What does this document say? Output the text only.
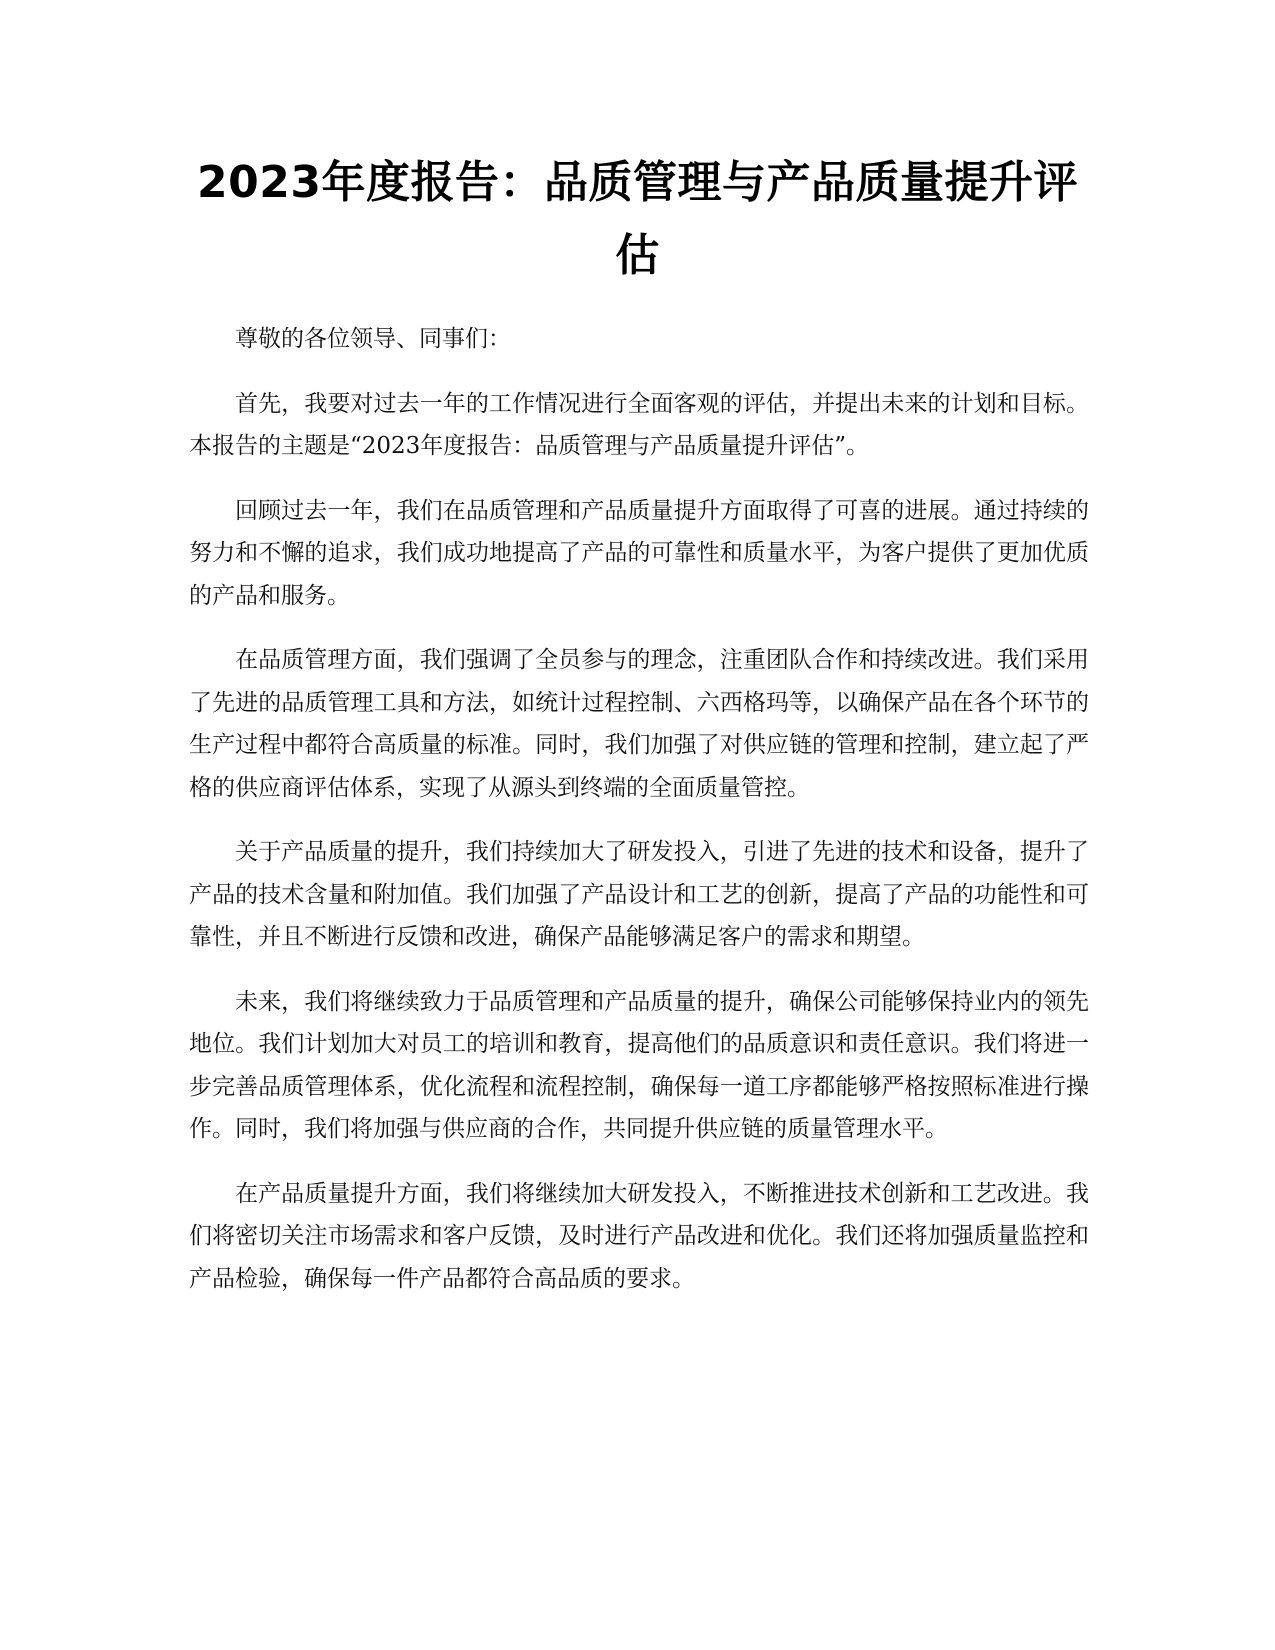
2023年度报告：品质管理与产品质量提升评估

尊敬的各位领导、同事们：

首先，我要对过去一年的工作情况进行全面客观的评估，并提出未来的计划和目标。本报告的主题是“2023年度报告：品质管理与产品质量提升评估”。

回顾过去一年，我们在品质管理和产品质量提升方面取得了可喜的进展。通过持续的努力和不懈的追求，我们成功地提高了产品的可靠性和质量水平，为客户提供了更加优质的产品和服务。

在品质管理方面，我们强调了全员参与的理念，注重团队合作和持续改进。我们采用了先进的品质管理工具和方法，如统计过程控制、六西格玛等，以确保产品在各个环节的生产过程中都符合高质量的标准。同时，我们加强了对供应链的管理和控制，建立起了严格的供应商评估体系，实现了从源头到终端的全面质量管控。

关于产品质量的提升，我们持续加大了研发投入，引进了先进的技术和设备，提升了产品的技术含量和附加值。我们加强了产品设计和工艺的创新，提高了产品的功能性和可靠性，并且不断进行反馈和改进，确保产品能够满足客户的需求和期望。

未来，我们将继续致力于品质管理和产品质量的提升，确保公司能够保持业内的领先地位。我们计划加大对员工的培训和教育，提高他们的品质意识和责任意识。我们将进一步完善品质管理体系，优化流程和流程控制，确保每一道工序都能够严格按照标准进行操作。同时，我们将加强与供应商的合作，共同提升供应链的质量管理水平。

在产品质量提升方面，我们将继续加大研发投入，不断推进技术创新和工艺改进。我们将密切关注市场需求和客户反馈，及时进行产品改进和优化。我们还将加强质量监控和产品检验，确保每一件产品都符合高品质的要求。
